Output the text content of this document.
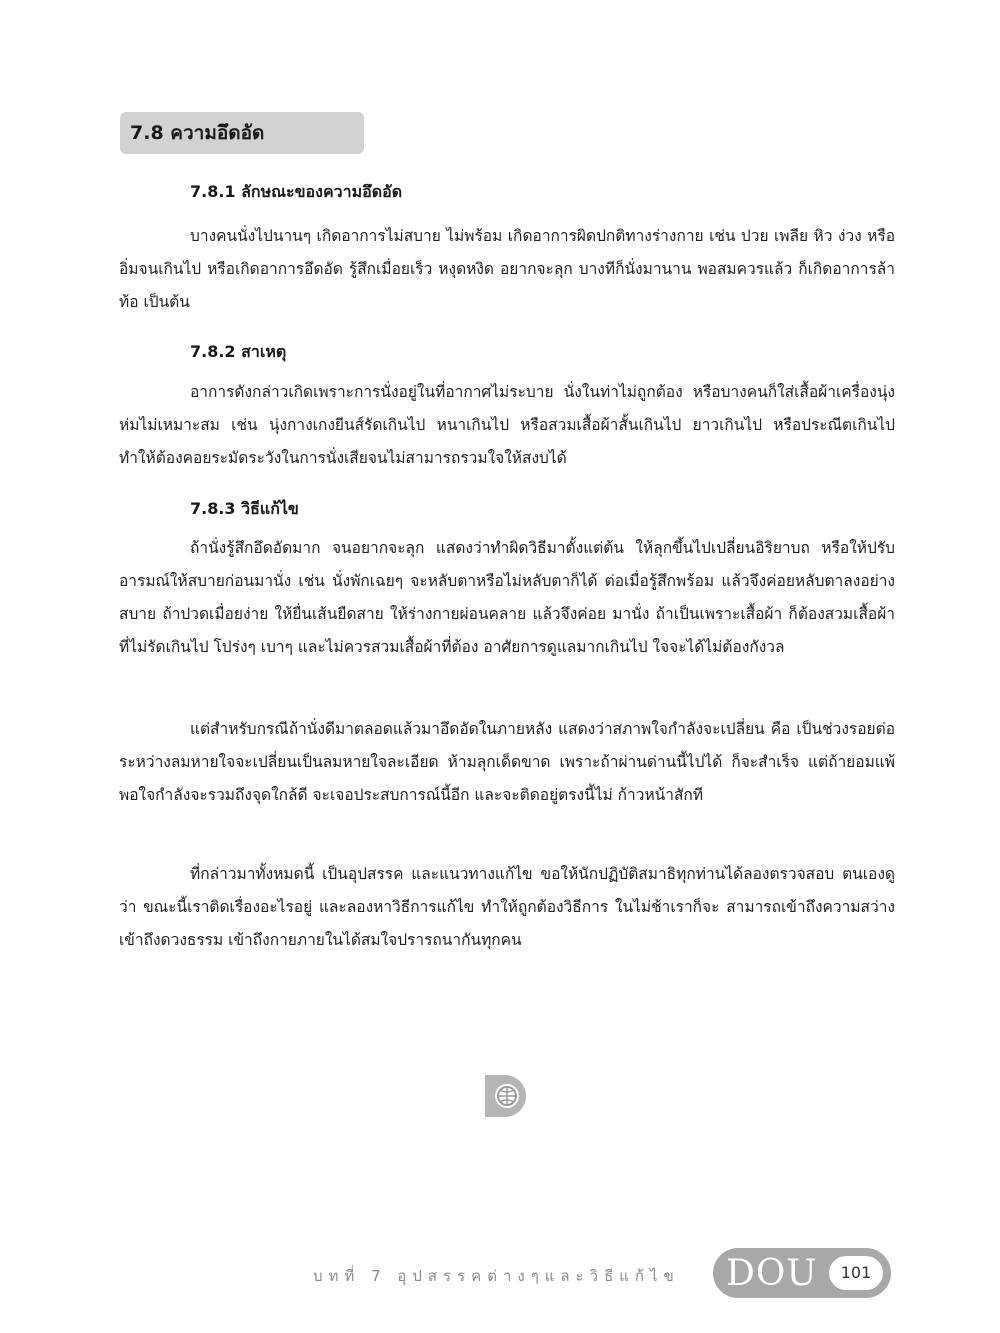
7.8 ความอึดอัด
7.8.1 ลักษณะของความอึดอัด

บางคนนั่งไปนานๆ เกิดอาการไม่สบาย ไม่พร้อม เกิดอาการผิดปกติทางร่างกาย เช่น ปวย เพลีย หิว ง่วง หรืออิ่มจนเกินไป หรือเกิดอาการอึดอัด รู้สึกเมื่อยเร็ว หงุดหงิด อยากจะลุก บางทีก็นั่งมานาน พอสมควรแล้ว ก็เกิดอาการล้า ท้อ เป็นต้น

7.8.2 สาเหตุ

อาการดังกล่าวเกิดเพราะการนั่งอยู่ในที่อากาศไม่ระบาย นั่งในท่าไม่ถูกต้อง หรือบางคนก็ใส่เสื้อผ้าเครื่องนุ่งห่มไม่เหมาะสม เช่น นุ่งกางเกงยีนส์รัดเกินไป หนาเกินไป หรือสวมเสื้อผ้าสั้นเกินไป ยาวเกินไป หรือประณีตเกินไป ทำให้ต้องคอยระมัดระวังในการนั่งเสียจนไม่สามารถรวมใจให้สงบได้

7.8.3 วิธีแก้ไข

ถ้านั่งรู้สึกอึดอัดมาก จนอยากจะลุก แสดงว่าทำผิดวิธีมาตั้งแต่ต้น ให้ลุกขึ้นไปเปลี่ยนอิริยาบถ หรือให้ปรับอารมณ์ให้สบายก่อนมานั่ง เช่น นั่งพักเฉยๆ จะหลับตาหรือไม่หลับตาก็ได้ ต่อเมื่อรู้สึกพร้อม แล้วจึงค่อยหลับตาลงอย่างสบาย ถ้าปวดเมื่อยง่าย ให้ยื่นเส้นยืดสาย ให้ร่างกายผ่อนคลาย แล้วจึงค่อย มานั่ง ถ้าเป็นเพราะเสื้อผ้า ก็ต้องสวมเสื้อผ้าที่ไม่รัดเกินไป โปร่งๆ เบาๆ และไม่ควรสวมเสื้อผ้าที่ต้อง อาศัยการดูแลมากเกินไป ใจจะได้ไม่ต้องกังวล

แต่สำหรับกรณีถ้านั่งดีมาตลอดแล้วมาอึดอัดในภายหลัง แสดงว่าสภาพใจกำลังจะเปลี่ยน คือ เป็นช่วงรอยต่อระหว่างลมหายใจจะเปลี่ยนเป็นลมหายใจละเอียด ห้ามลุกเด็ดขาด เพราะถ้าผ่านด่านนี้ไปได้ ก็จะสำเร็จ แต่ถ้ายอมแพ้ พอใจกำลังจะรวมถึงจุดใกล้ดี จะเจอประสบการณ์นี้อีก และจะติดอยู่ตรงนี้ไม่ ก้าวหน้าสักที

ที่กล่าวมาทั้งหมดนี้ เป็นอุปสรรค และแนวทางแก้ไข ขอให้นักปฏิบัติสมาธิทุกท่านได้ลองตรวจสอบ ตนเองดูว่า ขณะนี้เราติดเรื่องอะไรอยู่ และลองหาวิธีการแก้ไข ทำให้ถูกต้องวิธีการ ในไม่ช้าเราก็จะ สามารถเข้าถึงความสว่าง เข้าถึงดวงธรรม เข้าถึงกายภายในได้สมใจปรารถนากันทุกคน

บทที่ 7 อุปสรรคต่างๆและวิธีแก้ไข DOU	101
